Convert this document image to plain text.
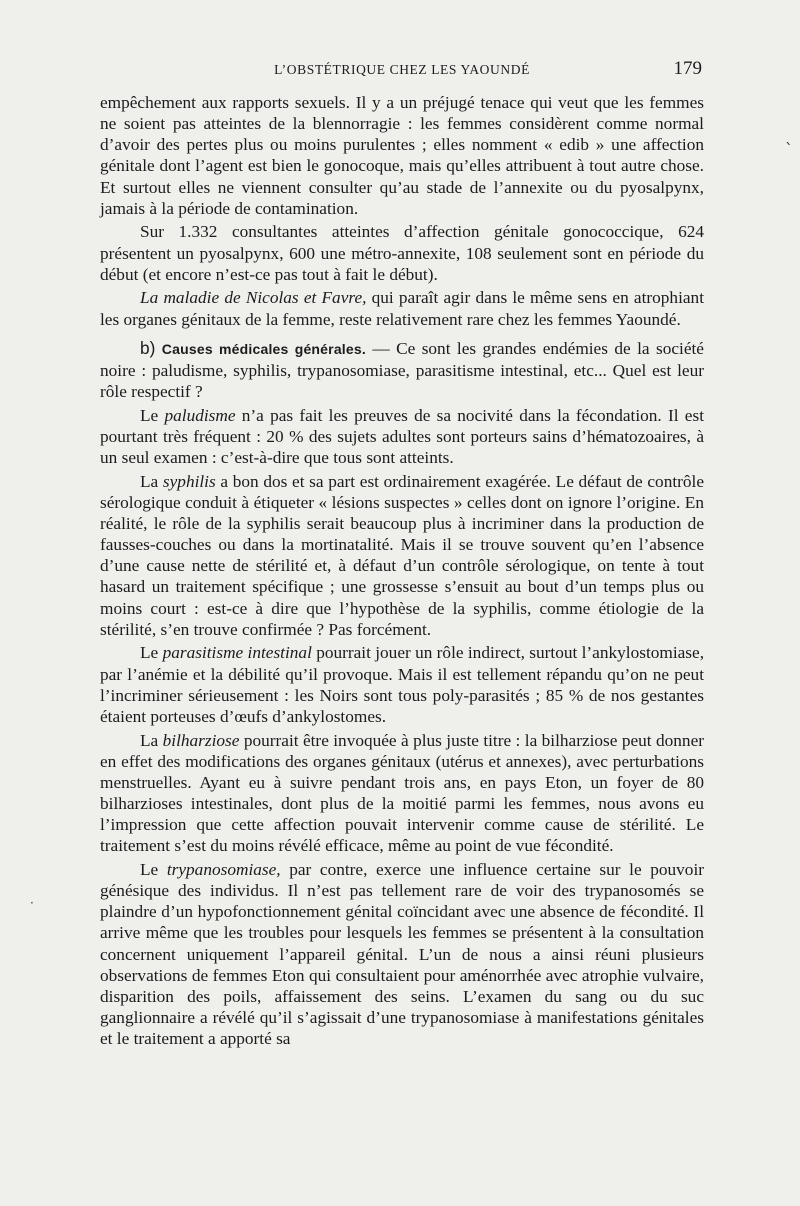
L’OBSTÉTRIQUE CHEZ LES YAOUNDÉ	179

empêchement aux rapports sexuels. Il y a un préjugé tenace qui veut que les femmes ne soient pas atteintes de la blennorragie : les femmes considèrent comme normal d’avoir des pertes plus ou moins purulentes ; elles nomment « edib » une affection génitale dont l’agent est bien le gonocoque, mais qu’elles attribuent à tout autre chose. Et surtout elles ne viennent consulter qu’au stade de l’annexite ou du pyosalpynx, jamais à la période de contamination.

Sur 1.332 consultantes atteintes d’affection génitale gonococcique, 624 présentent un pyosalpynx, 600 une métro-annexite, 108 seulement sont en période du début (et encore n’est-ce pas tout à fait le début).

La maladie de Nicolas et Favre, qui paraît agir dans le même sens en atrophiant les organes génitaux de la femme, reste relativement rare chez les femmes Yaoundé.

b) Causes médicales générales. — Ce sont les grandes endémies de la société noire : paludisme, syphilis, trypanosomiase, parasitisme intestinal, etc... Quel est leur rôle respectif ?

Le paludisme n’a pas fait les preuves de sa nocivité dans la fécondation. Il est pourtant très fréquent : 20 % des sujets adultes sont porteurs sains d’hématozoaires, à un seul examen : c’est-à-dire que tous sont atteints.

La syphilis a bon dos et sa part est ordinairement exagérée. Le défaut de contrôle sérologique conduit à étiqueter « lésions suspectes » celles dont on ignore l’origine. En réalité, le rôle de la syphilis serait beaucoup plus à incriminer dans la production de fausses-couches ou dans la mortinatalité. Mais il se trouve souvent qu’en l’absence d’une cause nette de stérilité et, à défaut d’un contrôle sérologique, on tente à tout hasard un traitement spécifique ; une grossesse s’ensuit au bout d’un temps plus ou moins court : est-ce à dire que l’hypothèse de la syphilis, comme étiologie de la stérilité, s’en trouve confirmée ? Pas forcément.

Le parasitisme intestinal pourrait jouer un rôle indirect, surtout l’ankylostomiase, par l’anémie et la débilité qu’il provoque. Mais il est tellement répandu qu’on ne peut l’incriminer sérieusement : les Noirs sont tous poly-parasités ; 85 % de nos gestantes étaient porteuses d’œufs d’ankylostomes.

La bilharziose pourrait être invoquée à plus juste titre : la bilharziose peut donner en effet des modifications des organes génitaux (utérus et annexes), avec perturbations menstruelles. Ayant eu à suivre pendant trois ans, en pays Eton, un foyer de 80 bilharzioses intestinales, dont plus de la moitié parmi les femmes, nous avons eu l’impression que cette affection pouvait intervenir comme cause de stérilité. Le traitement s’est du moins révélé efficace, même au point de vue fécondité.

Le trypanosomiase, par contre, exerce une influence certaine sur le pouvoir génésique des individus. Il n’est pas tellement rare de voir des trypanosomés se plaindre d’un hypofonctionnement génital coïncidant avec une absence de fécondité. Il arrive même que les troubles pour lesquels les femmes se présentent à la consultation concernent uniquement l’appareil génital. L’un de nous a ainsi réuni plusieurs observations de femmes Eton qui consultaient pour aménorrhée avec atrophie vulvaire, disparition des poils, affaissement des seins. L’examen du sang ou du suc ganglionnaire a révélé qu’il s’agissait d’une trypanosomiase à manifestations génitales et le traitement a apporté sa

ˋ
·
